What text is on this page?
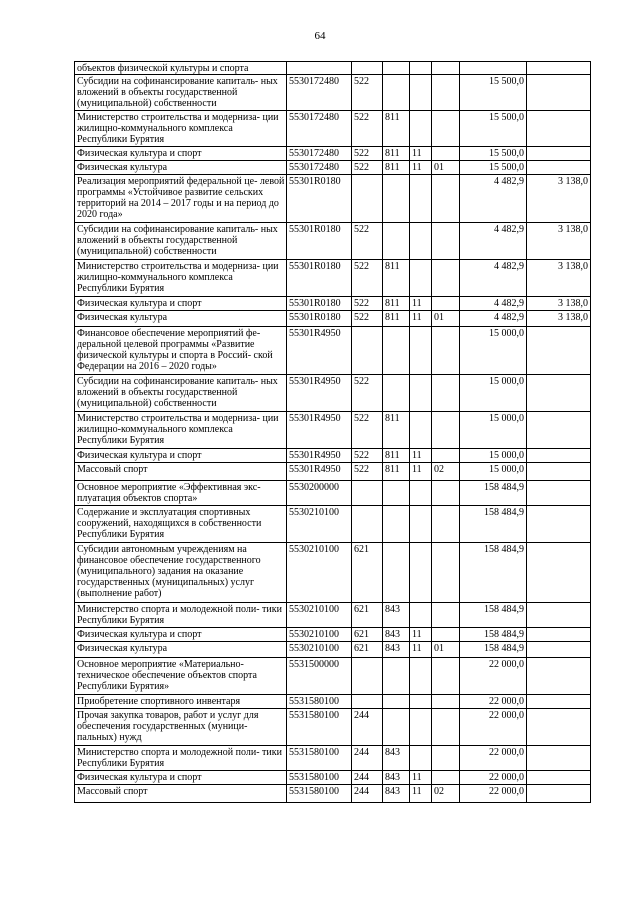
64
объектов физической культуры и спорта							
Субсидии на софинансирование капиталь- ных вложений в объекты государственной (муниципальной) собственности	5530172480	522				15 500,0	
Министерство строительства и модерниза- ции жилищно-коммунального комплекса Республики Бурятия	5530172480	522	811			15 500,0	
Физическая культура и спорт	5530172480	522	811	11		15 500,0	
Физическая культура	5530172480	522	811	11	01	15 500,0	
Реализация мероприятий федеральной це- левой программы «Устойчивое развитие сельских территорий на 2014 – 2017 годы и на период до 2020 года»	55301R0180					4 482,9	3 138,0
Субсидии на софинансирование капиталь- ных вложений в объекты государственной (муниципальной) собственности	55301R0180	522				4 482,9	3 138,0
Министерство строительства и модерниза- ции жилищно-коммунального комплекса Республики Бурятия	55301R0180	522	811			4 482,9	3 138,0
Физическая культура и спорт	55301R0180	522	811	11		4 482,9	3 138,0
Физическая культура	55301R0180	522	811	11	01	4 482,9	3 138,0
Финансовое обеспечение мероприятий фе- деральной целевой программы «Развитие физической культуры и спорта в Россий- ской Федерации на 2016 – 2020 годы»	55301R4950					15 000,0	
Субсидии на софинансирование капиталь- ных вложений в объекты государственной (муниципальной) собственности	55301R4950	522				15 000,0	
Министерство строительства и модерниза- ции жилищно-коммунального комплекса Республики Бурятия	55301R4950	522	811			15 000,0	
Физическая культура и спорт	55301R4950	522	811	11		15 000,0	
Массовый спорт	55301R4950	522	811	11	02	15 000,0	
Основное мероприятие «Эффективная экс- плуатация объектов спорта»	5530200000					158 484,9	
Содержание и эксплуатация спортивных сооружений, находящихся в собственности Республики Бурятия	5530210100					158 484,9	
Субсидии автономным учреждениям на финансовое обеспечение государственного (муниципального) задания на оказание государственных (муниципальных) услуг (выполнение работ)	5530210100	621				158 484,9	
Министерство спорта и молодежной поли- тики Республики Бурятия	5530210100	621	843			158 484,9	
Физическая культура и спорт	5530210100	621	843	11		158 484,9	
Физическая культура	5530210100	621	843	11	01	158 484,9	
Основное мероприятие «Материально- техническое обеспечение объектов спорта Республики Бурятия»	5531500000					22 000,0	
Приобретение спортивного инвентаря	5531580100					22 000,0	
Прочая закупка товаров, работ и услуг для обеспечения государственных (муници- пальных) нужд	5531580100	244				22 000,0	
Министерство спорта и молодежной поли- тики Республики Бурятия	5531580100	244	843			22 000,0	
Физическая культура и спорт	5531580100	244	843	11		22 000,0	
Массовый спорт	5531580100	244	843	11	02	22 000,0	
